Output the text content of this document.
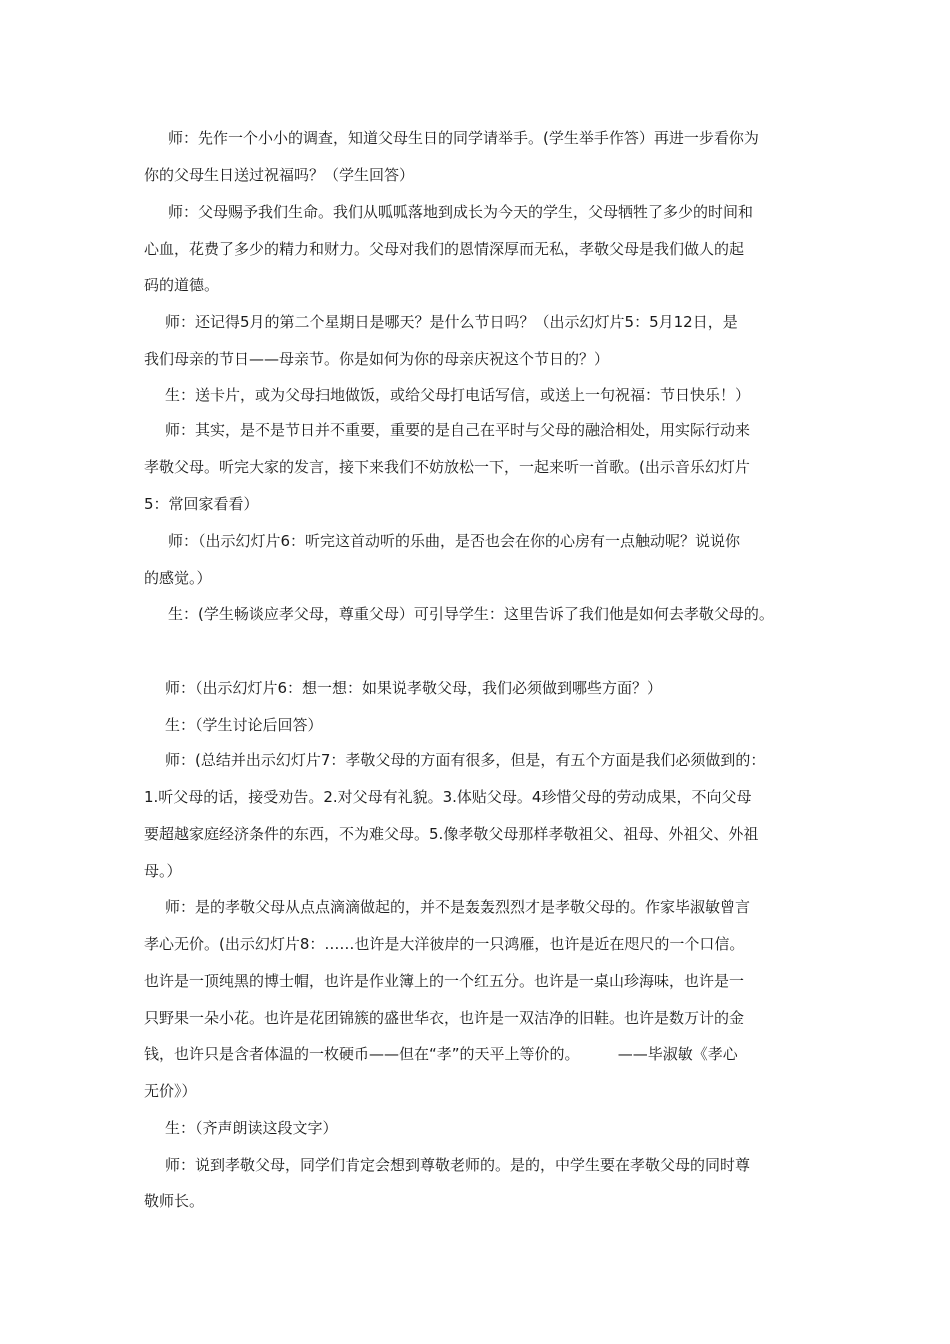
师：先作一个小小的调查，知道父母生日的同学请举手。(学生举手作答）再进一步看你为
你的父母生日送过祝福吗？（学生回答）
师：父母赐予我们生命。我们从呱呱落地到成长为今天的学生，父母牺牲了多少的时间和
心血，花费了多少的精力和财力。父母对我们的恩情深厚而无私，孝敬父母是我们做人的起
码的道德。
师：还记得5月的第二个星期日是哪天？是什么节日吗？（出示幻灯片5：5月12日，是
我们母亲的节日——母亲节。你是如何为你的母亲庆祝这个节日的？）
生：送卡片，或为父母扫地做饭，或给父母打电话写信，或送上一句祝福：节日快乐！）
师：其实，是不是节日并不重要，重要的是自己在平时与父母的融洽相处，用实际行动来
孝敬父母。听完大家的发言，接下来我们不妨放松一下，一起来听一首歌。(出示音乐幻灯片
5：常回家看看）
师：（出示幻灯片6：听完这首动听的乐曲，是否也会在你的心房有一点触动呢？说说你
的感觉。）
生：(学生畅谈应孝父母，尊重父母）可引导学生：这里告诉了我们他是如何去孝敬父母的。
师：（出示幻灯片6：想一想：如果说孝敬父母，我们必须做到哪些方面？）
生：（学生讨论后回答）
师：(总结并出示幻灯片7：孝敬父母的方面有很多，但是，有五个方面是我们必须做到的：
1.听父母的话，接受劝告。2.对父母有礼貌。3.体贴父母。4珍惜父母的劳动成果，不向父母
要超越家庭经济条件的东西，不为难父母。5.像孝敬父母那样孝敬祖父、祖母、外祖父、外祖
母。）
师：是的孝敬父母从点点滴滴做起的，并不是轰轰烈烈才是孝敬父母的。作家毕淑敏曾言
孝心无价。(出示幻灯片8：……也许是大洋彼岸的一只鸿雁，也许是近在咫尺的一个口信。
也许是一顶纯黑的博士帽，也许是作业簿上的一个红五分。也许是一桌山珍海味，也许是一
只野果一朵小花。也许是花团锦簇的盛世华衣，也许是一双洁净的旧鞋。也许是数万计的金
钱，也许只是含者体温的一枚硬币——但在“孝”的天平上等价的。        ——毕淑敏《孝心
无价》）
生：（齐声朗读这段文字）
师：说到孝敬父母，同学们肯定会想到尊敬老师的。是的，中学生要在孝敬父母的同时尊
敬师长。
